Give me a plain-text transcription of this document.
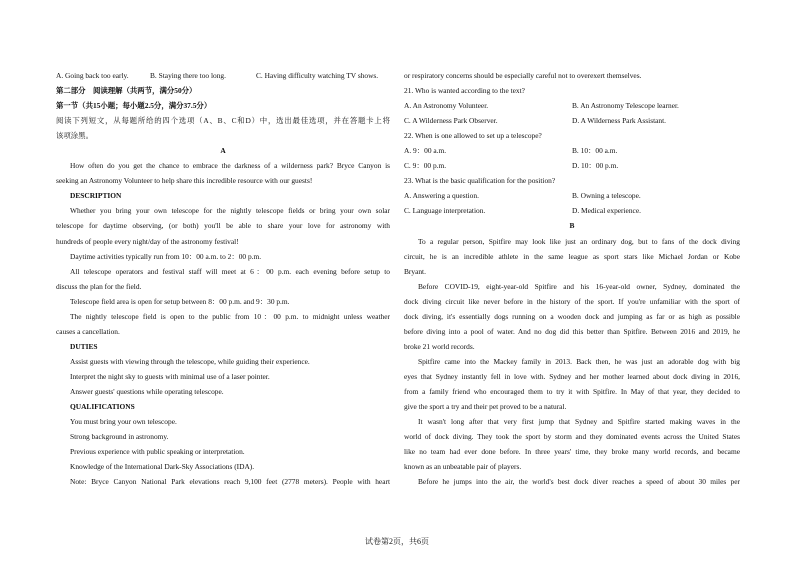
A. Going back too early.	B. Staying there too long.	C. Having difficulty watching TV shows.
第二部分　阅读理解（共两节，满分50分）
第一节（共15小题；每小题2.5分，满分37.5分）
阅读下列短文，从每题所给的四个选项（A、B、C和D）中，选出最佳选项，并在答题卡上将
该项涂黑。
A
How often do you get the chance to embrace the darkness of a wilderness park? Bryce Canyon is
seeking an Astronomy Volunteer to help share this incredible resource with our guests!
DESCRIPTION
Whether you bring your own telescope for the nightly telescope fields or bring your own solar
telescope for daytime observing, (or both) you'll be able to share your love for astronomy with
hundreds of people every night/day of the astronomy festival!
Daytime activities typically run from 10：00 a.m. to 2：00 p.m.
All telescope operators and festival staff will meet at 6：00 p.m. each evening before setup to
discuss the plan for the field.
Telescope field area is open for setup between 8：00 p.m. and 9：30 p.m.
The nightly telescope field is open to the public from 10：00 p.m. to midnight unless weather
causes a cancellation.
DUTIES
Assist guests with viewing through the telescope, while guiding their experience.
Interpret the night sky to guests with minimal use of a laser pointer.
Answer guests' questions while operating telescope.
QUALIFICATIONS
You must bring your own telescope.
Strong background in astronomy.
Previous experience with public speaking or interpretation.
Knowledge of the International Dark-Sky Associations (IDA).
Note: Bryce Canyon National Park elevations reach 9,100 feet (2778 meters). People with heart
or respiratory concerns should be especially careful not to overexert themselves.
21. Who is wanted according to the text?
A. An Astronomy Volunteer.	B. An Astronomy Telescope learner.
C. A Wilderness Park Observer.	D. A Wilderness Park Assistant.
22. When is one allowed to set up a telescope?
A. 9：00 a.m.	B. 10：00 a.m.
C. 9：00 p.m.	D. 10：00 p.m.
23. What is the basic qualification for the position?
A. Answering a question.	B. Owning a telescope.
C. Language interpretation.	D. Medical experience.
B
To a regular person, Spitfire may look like just an ordinary dog, but to fans of the dock diving
circuit, he is an incredible athlete in the same league as sport stars like Michael Jordan or Kobe
Bryant.
Before COVID-19, eight-year-old Spitfire and his 16-year-old owner, Sydney, dominated the
dock diving circuit like never before in the history of the sport. If you're unfamiliar with the sport of
dock diving, it's essentially dogs running on a wooden dock and jumping as far or as high as possible
before diving into a pool of water. And no dog did this better than Spitfire. Between 2016 and 2019, he
broke 21 world records.
Spitfire came into the Mackey family in 2013. Back then, he was just an adorable dog with big
eyes that Sydney instantly fell in love with. Sydney and her mother learned about dock diving in 2016,
from a family friend who encouraged them to try it with Spitfire. In May of that year, they decided to
give the sport a try and their pet proved to be a natural.
It wasn't long after that very first jump that Sydney and Spitfire started making waves in the
world of dock diving. They took the sport by storm and they dominated events across the United States
like no team had ever done before. In three years' time, they broke many world records, and became
known as an unbeatable pair of players.
Before he jumps into the air, the world's best dock diver reaches a speed of about 30 miles per
试卷第2页，共6页
